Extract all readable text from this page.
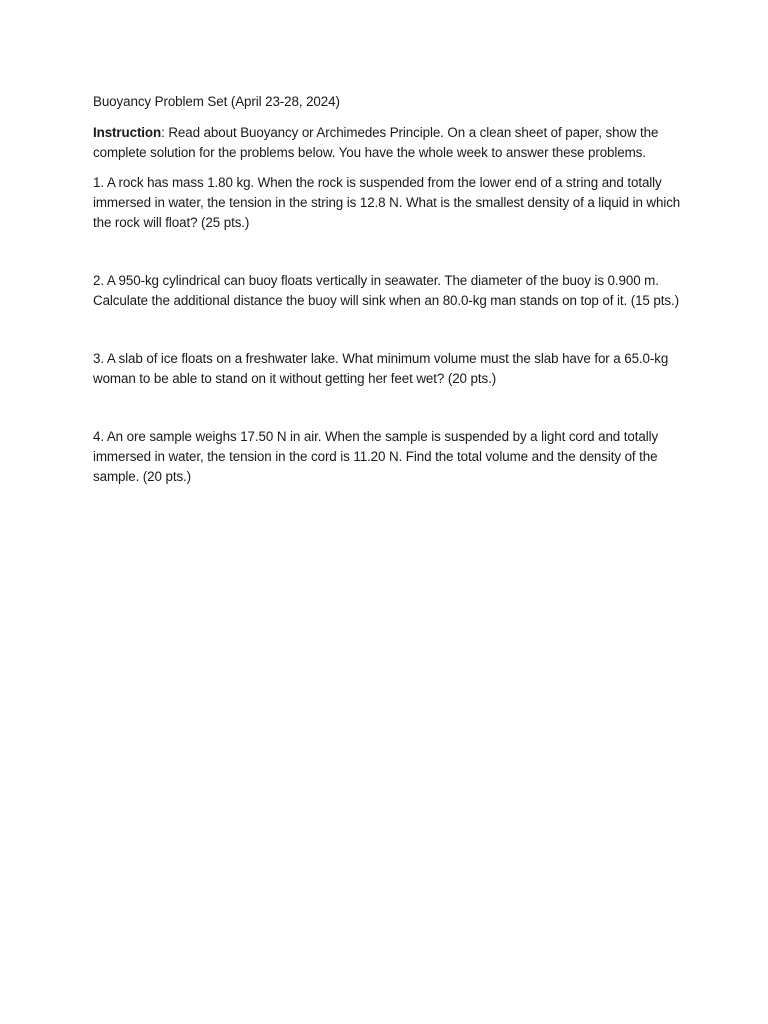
Buoyancy Problem Set (April 23-28, 2024)

Instruction: Read about Buoyancy or Archimedes Principle. On a clean sheet of paper, show the complete solution for the problems below. You have the whole week to answer these problems.

1. A rock has mass 1.80 kg. When the rock is suspended from the lower end of a string and totally immersed in water, the tension in the string is 12.8 N. What is the smallest density of a liquid in which the rock will float? (25 pts.)

2. A 950-kg cylindrical can buoy floats vertically in seawater. The diameter of the buoy is 0.900 m. Calculate the additional distance the buoy will sink when an 80.0-kg man stands on top of it. (15 pts.)

3. A slab of ice floats on a freshwater lake. What minimum volume must the slab have for a 65.0-kg woman to be able to stand on it without getting her feet wet? (20 pts.)

4. An ore sample weighs 17.50 N in air. When the sample is suspended by a light cord and totally immersed in water, the tension in the cord is 11.20 N. Find the total volume and the density of the sample. (20 pts.)
